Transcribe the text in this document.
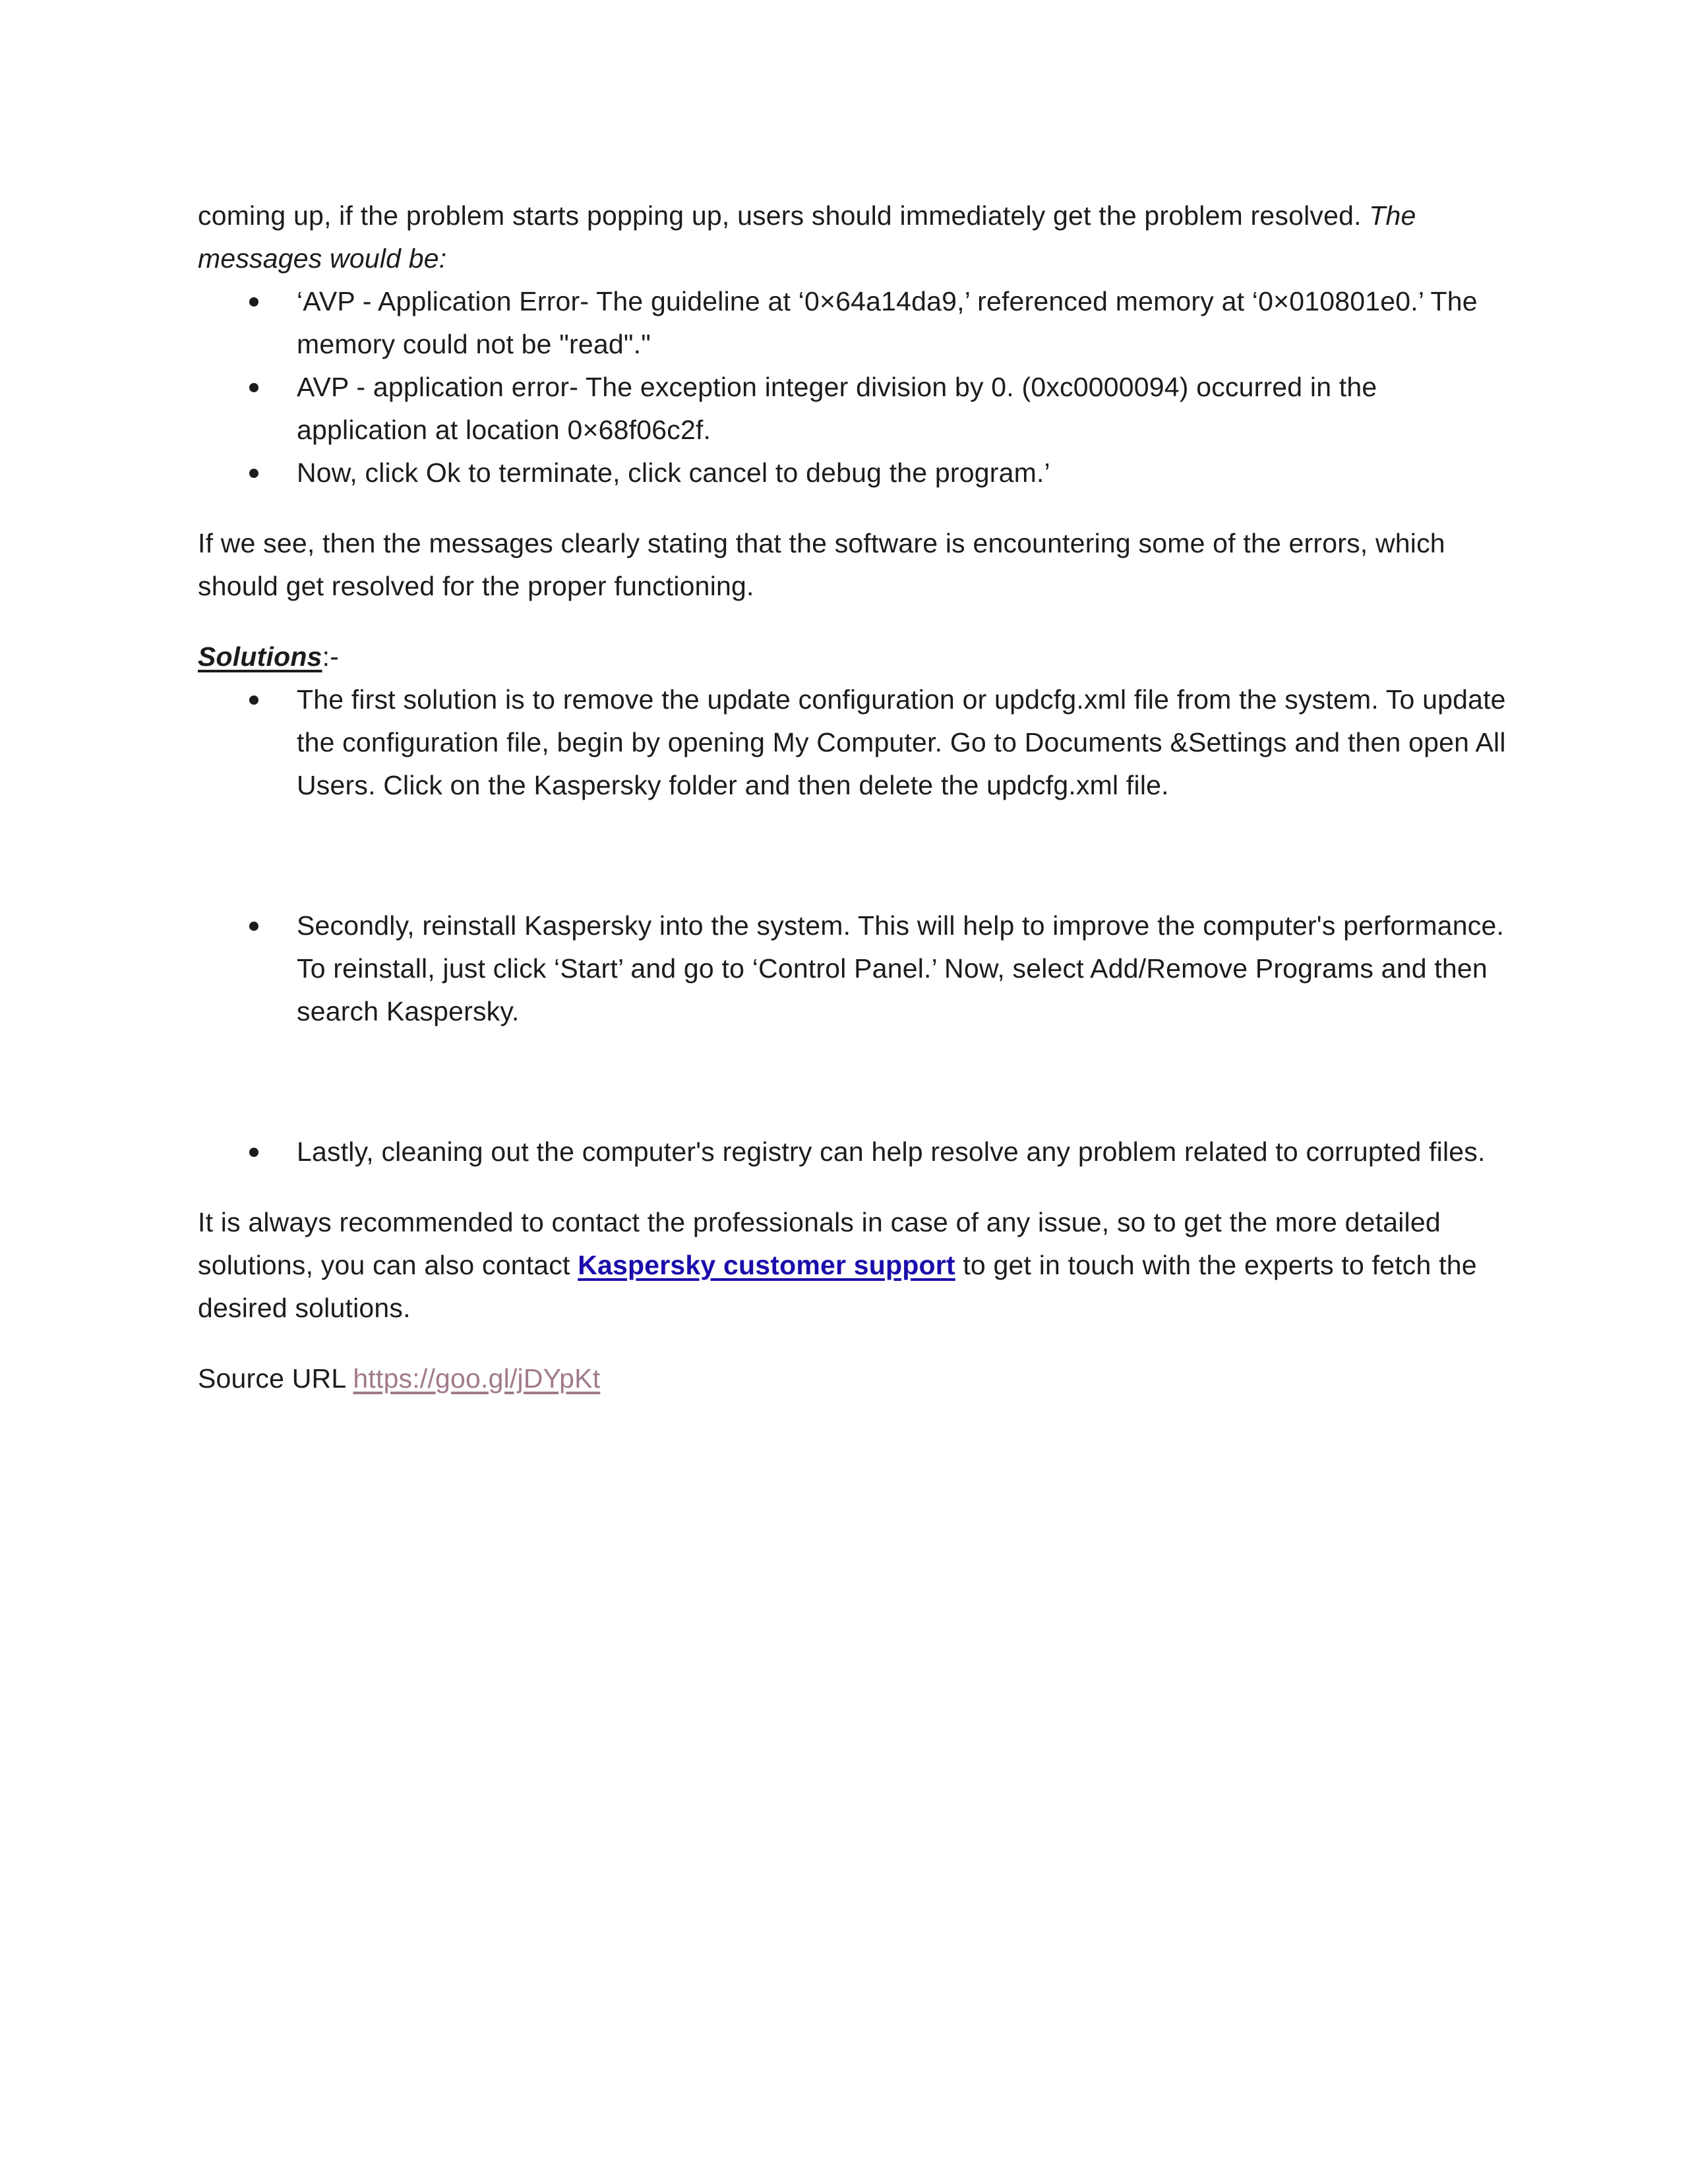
coming up, if the problem starts popping up, users should immediately get the problem resolved. The messages would be:

‘AVP - Application Error- The guideline at ‘0×64a14da9,’ referenced memory at ‘0×010801e0.’ The memory could not be "read"."
AVP - application error- The exception integer division by 0. (0xc0000094) occurred in the application at location 0×68f06c2f.
Now, click Ok to terminate, click cancel to debug the program.’

If we see, then the messages clearly stating that the software is encountering some of the errors, which should get resolved for the proper functioning.

Solutions:-

The first solution is to remove the update configuration or updcfg.xml file from the system. To update the configuration file, begin by opening My Computer. Go to Documents &Settings and then open All Users. Click on the Kaspersky folder and then delete the updcfg.xml file.
Secondly, reinstall Kaspersky into the system. This will help to improve the computer's performance. To reinstall, just click ‘Start’ and go to ‘Control Panel.’ Now, select Add/Remove Programs and then search Kaspersky.
Lastly, cleaning out the computer's registry can help resolve any problem related to corrupted files.

It is always recommended to contact the professionals in case of any issue, so to get the more detailed solutions, you can also contact Kaspersky customer support to get in touch with the experts to fetch the desired solutions.

Source URL https://goo.gl/jDYpKt
